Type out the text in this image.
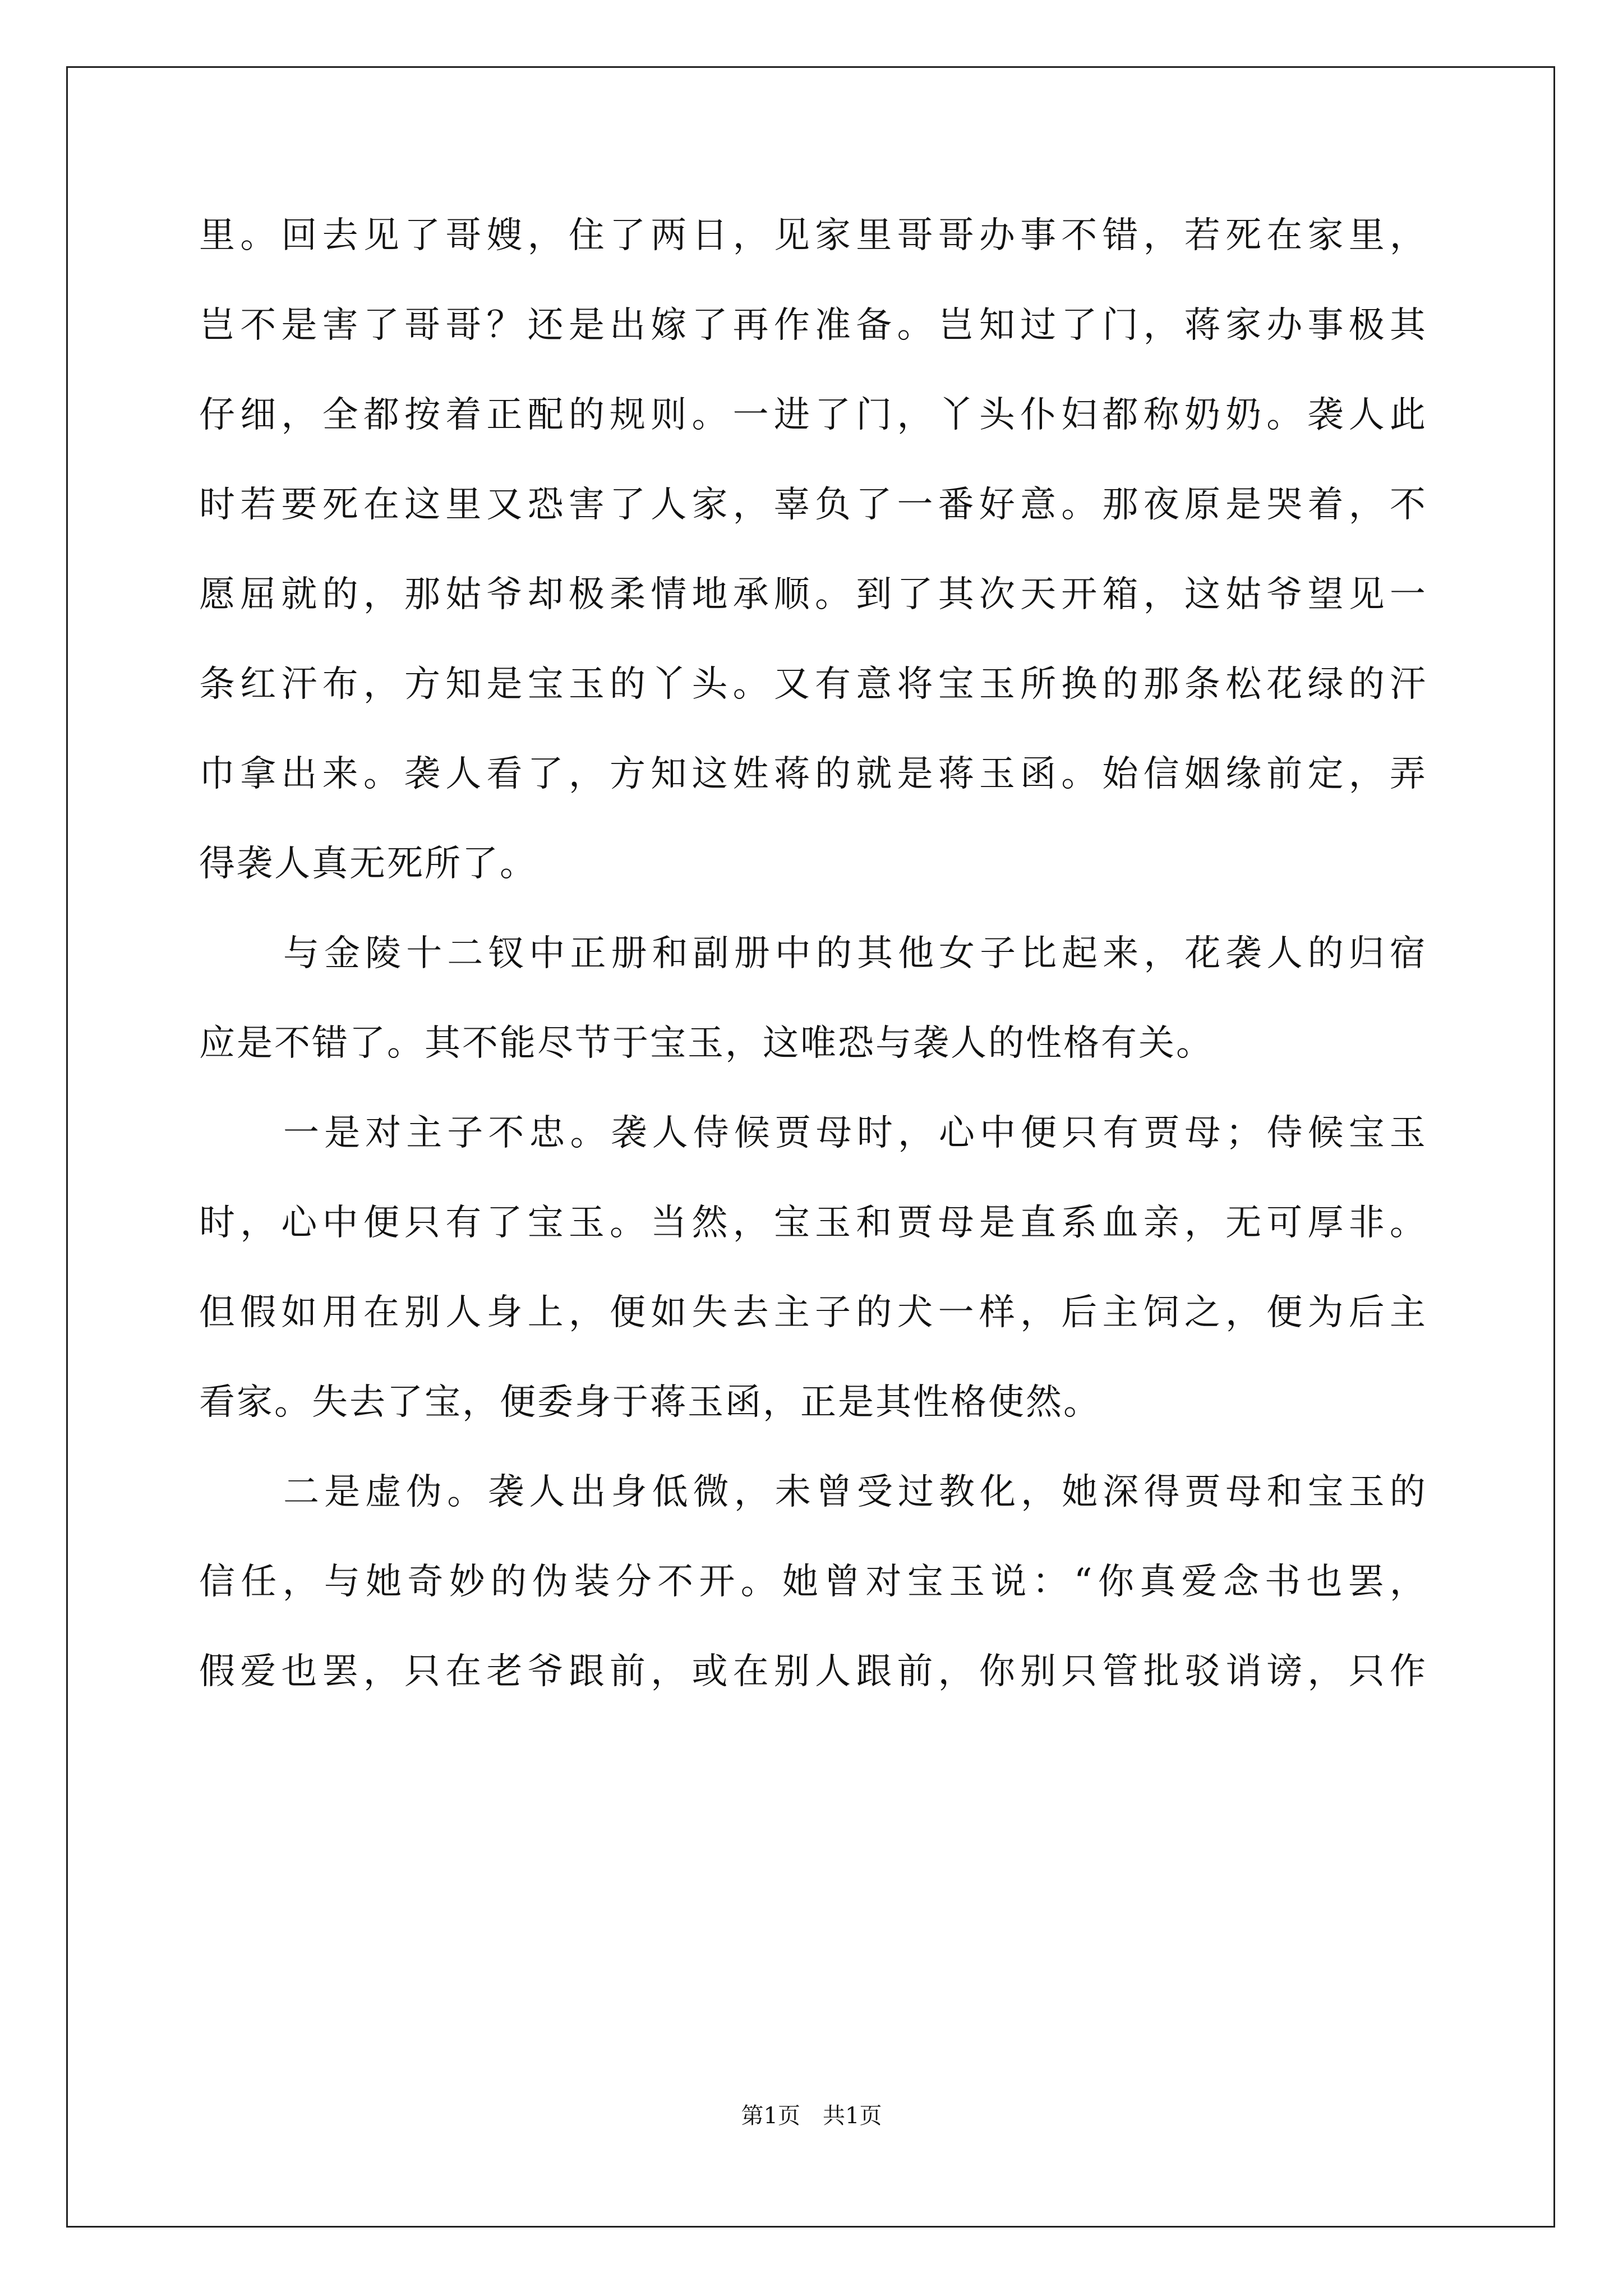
里 。 回 去 见 了 哥 嫂 ， 住 了 两 日 ， 见 家 里 哥 哥 办 事 不 错 ， 若 死 在 家 里 ，
岂 不 是 害 了 哥 哥 ？ 还 是 出 嫁 了 再 作 准 备 。 岂 知 过 了 门 ， 蒋 家 办 事 极 其
仔 细 ， 全 都 按 着 正 配 的 规 则 。 一 进 了 门 ， 丫 头 仆 妇 都 称 奶 奶 。 袭 人 此
时 若 要 死 在 这 里 又 恐 害 了 人 家 ， 辜 负 了 一 番 好 意 。 那 夜 原 是 哭 着 ， 不
愿 屈 就 的 ， 那 姑 爷 却 极 柔 情 地 承 顺 。 到 了 其 次 天 开 箱 ， 这 姑 爷 望 见 一
条 红 汗 布 ， 方 知 是 宝 玉 的 丫 头 。 又 有 意 将 宝 玉 所 换 的 那 条 松 花 绿 的 汗
巾 拿 出 来 。 袭 人 看 了 ， 方 知 这 姓 蒋 的 就 是 蒋 玉 函 。 始 信 姻 缘 前 定 ， 弄
得袭人真无死所了。
与 金 陵 十 二 钗 中 正 册 和 副 册 中 的 其 他 女 子 比 起 来 ， 花 袭 人 的 归 宿
应是不错了。其不能尽节于宝玉，这唯恐与袭人的性格有关。
一 是 对 主 子 不 忠 。 袭 人 侍 候 贾 母 时 ， 心 中 便 只 有 贾 母 ； 侍 候 宝 玉
时 ， 心 中 便 只 有 了 宝 玉 。 当 然 ， 宝 玉 和 贾 母 是 直 系 血 亲 ， 无 可 厚 非 。
但 假 如 用 在 别 人 身 上 ， 便 如 失 去 主 子 的 犬 一 样 ， 后 主 饲 之 ， 便 为 后 主
看家。失去了宝，便委身于蒋玉函，正是其性格使然。
二 是 虚 伪 。 袭 人 出 身 低 微 ， 未 曾 受 过 教 化 ， 她 深 得 贾 母 和 宝 玉 的
信 任 ， 与 她 奇 妙 的 伪 装 分 不 开 。 她 曾 对 宝 玉 说 ： “ 你 真 爱 念 书 也 罢 ，
假 爱 也 罢 ， 只 在 老 爷 跟 前 ， 或 在 别 人 跟 前 ， 你 别 只 管 批 驳 诮 谤 ， 只 作
第1页 共1页
